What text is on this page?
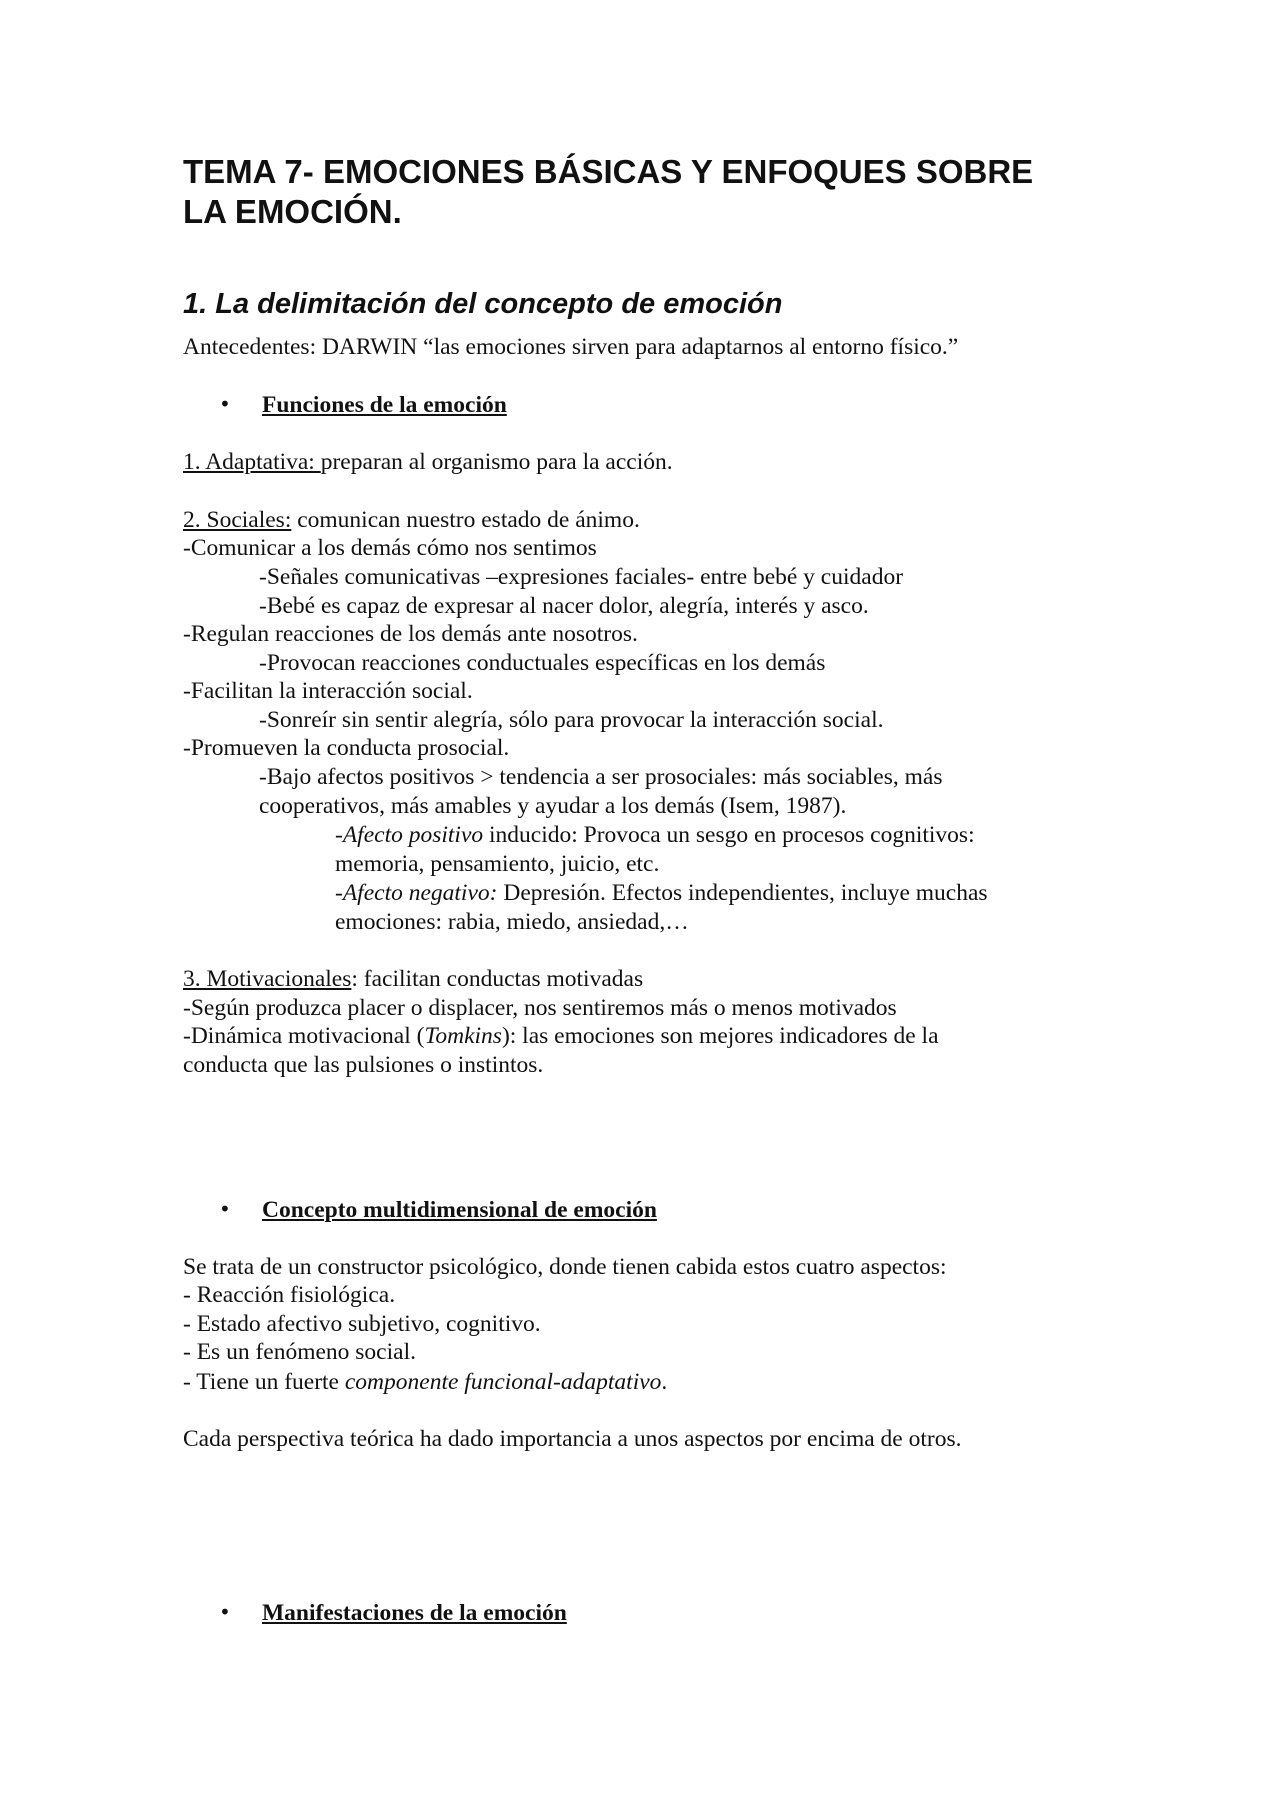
TEMA 7- EMOCIONES BÁSICAS Y ENFOQUES SOBRE
LA EMOCIÓN.
1. La delimitación del concepto de emoción
Antecedentes: DARWIN “las emociones sirven para adaptarnos al entorno físico.”
• Funciones de la emoción
1. Adaptativa: preparan al organismo para la acción.
2. Sociales: comunican nuestro estado de ánimo.
-Comunicar a los demás cómo nos sentimos
-Señales comunicativas –expresiones faciales- entre bebé y cuidador
-Bebé es capaz de expresar al nacer dolor, alegría, interés y asco.
-Regulan reacciones de los demás ante nosotros.
-Provocan reacciones conductuales específicas en los demás
-Facilitan la interacción social.
-Sonreír sin sentir alegría, sólo para provocar la interacción social.
-Promueven la conducta prosocial.
-Bajo afectos positivos > tendencia a ser prosociales: más sociables, más
cooperativos, más amables y ayudar a los demás (Isem, 1987).
-Afecto positivo inducido: Provoca un sesgo en procesos cognitivos:
memoria, pensamiento, juicio, etc.
-Afecto negativo: Depresión. Efectos independientes, incluye muchas
emociones: rabia, miedo, ansiedad,…
3. Motivacionales: facilitan conductas motivadas
-Según produzca placer o displacer, nos sentiremos más o menos motivados
-Dinámica motivacional (Tomkins): las emociones son mejores indicadores de la
conducta que las pulsiones o instintos.
• Concepto multidimensional de emoción
Se trata de un constructor psicológico, donde tienen cabida estos cuatro aspectos:
- Reacción fisiológica.
- Estado afectivo subjetivo, cognitivo.
- Es un fenómeno social.
- Tiene un fuerte componente funcional-adaptativo.
Cada perspectiva teórica ha dado importancia a unos aspectos por encima de otros.
• Manifestaciones de la emoción
